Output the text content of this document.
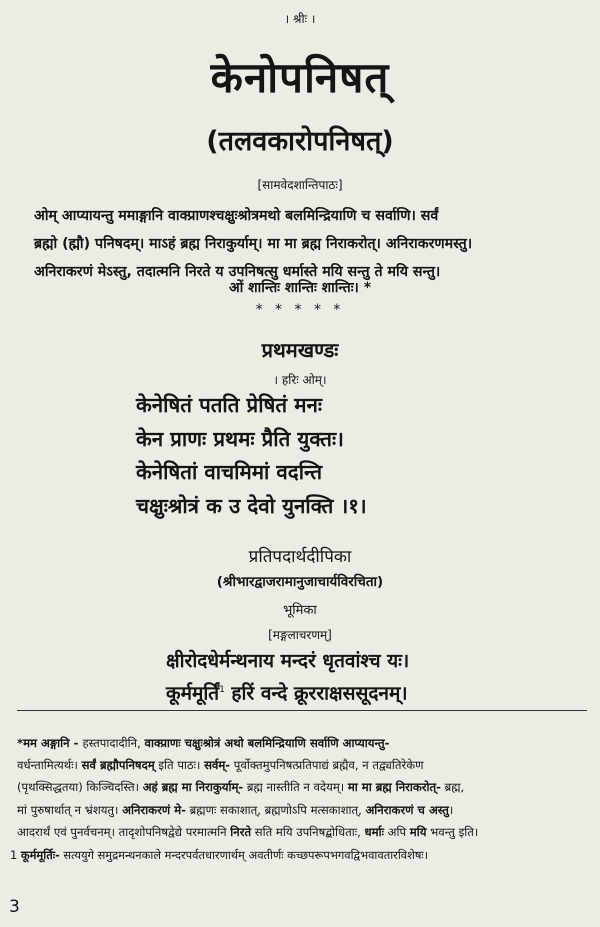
। श्रीः ।
केनोपनिषत्
(तलवकारोपनिषत्)
[सामवेदशान्तिपाठः]

ओम् आप्यायन्तु ममाङ्गानि वाक्प्राणश्चक्षुःश्रोत्रमथो बलमिन्द्रियाणि च सर्वाणि। सर्वं

ब्रह्मो (ह्मौ) पनिषदम्। माऽहं ब्रह्म निराकुर्याम्। मा मा ब्रह्म निराकरोत्। अनिराकरणमस्तु।

अनिराकरणं मेऽस्तु, तदात्मनि निरते य उपनिषत्सु धर्मास्ते मयि सन्तु ते मयि सन्तु।

ओं शान्तिः शान्तिः शान्तिः। *
* * * * *
प्रथमखण्डः
। हरिः ओम्।
केनेषितं पतति प्रेषितं मनः
केन प्राणः प्रथमः प्रैति युक्तः।
केनेषितां वाचमिमां वदन्ति
चक्षुःश्रोत्रं क उ देवो युनक्ति ।१।
प्रतिपदार्थदीपिका
(श्रीभारद्वाजरामानुजाचार्यविरचिता)
भूमिका
[मङ्गलाचरणम्]
क्षीरोदधेर्मन्थनाय मन्दरं धृतवांश्च यः।
कूर्ममूर्तिं$^1$ हरिं वन्दे क्रूरराक्षससूदनम्।

*मम अङ्गानि - हस्तपादादीनि, वाक्प्राणः चक्षुःश्रोत्रं अथो बलमिन्द्रियाणि सर्वाणि आप्यायन्तु-

वर्धन्तामित्यर्थः। सर्वं ब्रह्मौपनिषदम् इति पाठः। सर्वम्- पूर्वोक्तमुपनिषत्प्रतिपाद्यं ब्रह्मैव, न तद्व्यतिरेकेण

(पृथक्सिद्धतया) किञ्चिदस्ति। अहं ब्रह्म मा निराकुर्याम्- ब्रह्म नास्तीति न वदेयम्। मा मा ब्रह्म निराकरोत्- ब्रह्म,

मां पुरुषार्थात् न भ्रंशयतु। अनिराकरणं मे- ब्रह्मणः सकाशात्, ब्रह्मणोऽपि मत्सकाशात्, अनिराकरणं च अस्तु।

आदरार्थं एवं पुनर्वचनम्। तादृशोपनिषद्वेद्ये परमात्मनि निरते सति मयि उपनिषद्बोधिताः, धर्माः अपि मयि भवन्तु इति।

1 कूर्ममूर्तिः- सत्ययुगे समुद्रमन्थनकाले मन्दरपर्वतधारणार्थम् अवतीर्णः कच्छपरूपभगवद्विभवावतारविशेषः।
3
